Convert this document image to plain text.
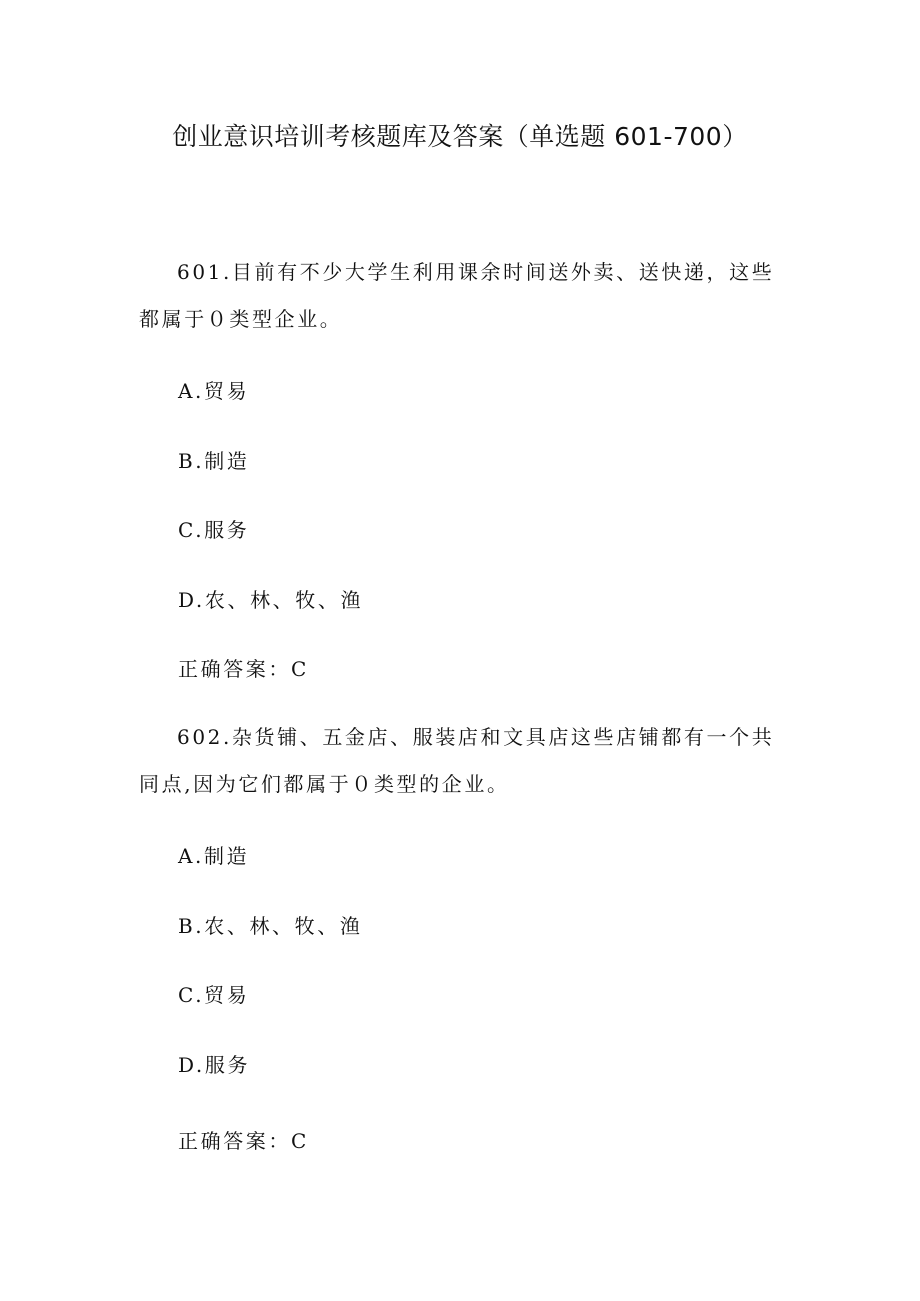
创业意识培训考核题库及答案（单选题 601-700）
601.目前有不少大学生利用课余时间送外卖、送快递，这些都属于０类型企业。
A.贸易
B.制造
C.服务
D.农、林、牧、渔
正确答案：C
602.杂货铺、五金店、服装店和文具店这些店铺都有一个共同点,因为它们都属于０类型的企业。
A.制造
B.农、林、牧、渔
C.贸易
D.服务
正确答案：C
